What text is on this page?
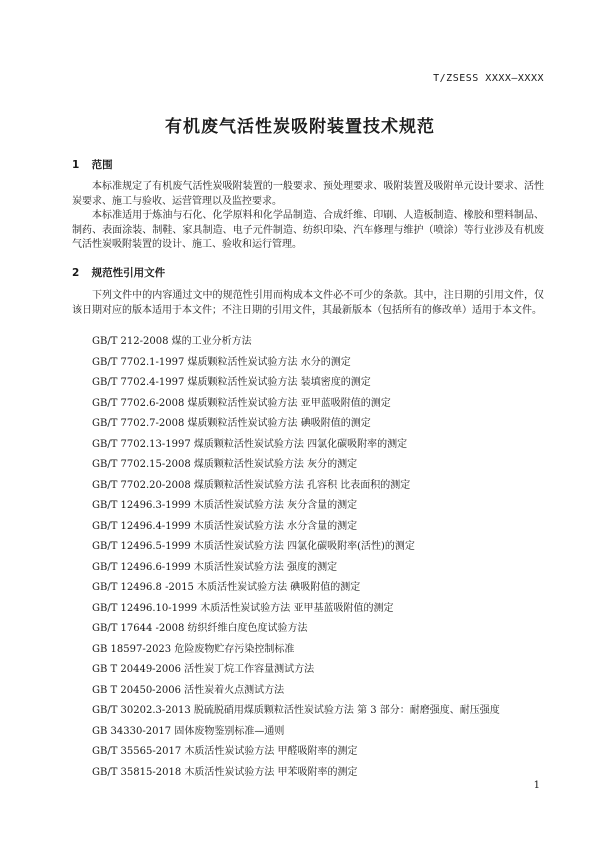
T/ZSESS XXXX—XXXX
有机废气活性炭吸附装置技术规范
1 范围
本标准规定了有机废气活性炭吸附装置的一般要求、预处理要求、吸附装置及吸附单元设计要求、活性炭要求、施工与验收、运营管理以及监控要求。
本标准适用于炼油与石化、化学原料和化学品制造、合成纤维、印刷、人造板制造、橡胶和塑料制品、制药、表面涂装、制鞋、家具制造、电子元件制造、纺织印染、汽车修理与维护（喷涂）等行业涉及有机废气活性炭吸附装置的设计、施工、验收和运行管理。
2 规范性引用文件
下列文件中的内容通过文中的规范性引用而构成本文件必不可少的条款。其中，注日期的引用文件，仅该日期对应的版本适用于本文件；不注日期的引用文件，其最新版本（包括所有的修改单）适用于本文件。
GB/T 212-2008 煤的工业分析方法
GB/T 7702.1-1997 煤质颗粒活性炭试验方法 水分的测定
GB/T 7702.4-1997 煤质颗粒活性炭试验方法 装填密度的测定
GB/T 7702.6-2008 煤质颗粒活性炭试验方法 亚甲蓝吸附值的测定
GB/T 7702.7-2008 煤质颗粒活性炭试验方法 碘吸附值的测定
GB/T 7702.13-1997 煤质颗粒活性炭试验方法 四氯化碳吸附率的测定
GB/T 7702.15-2008 煤质颗粒活性炭试验方法 灰分的测定
GB/T 7702.20-2008 煤质颗粒活性炭试验方法 孔容积 比表面积的测定
GB/T 12496.3-1999 木质活性炭试验方法 灰分含量的测定
GB/T 12496.4-1999 木质活性炭试验方法 水分含量的测定
GB/T 12496.5-1999 木质活性炭试验方法 四氯化碳吸附率(活性)的测定
GB/T 12496.6-1999 木质活性炭试验方法 强度的测定
GB/T 12496.8 -2015 木质活性炭试验方法 碘吸附值的测定
GB/T 12496.10-1999 木质活性炭试验方法 亚甲基蓝吸附值的测定
GB/T 17644 -2008 纺织纤维白度色度试验方法
GB 18597-2023 危险废物贮存污染控制标准
GB T 20449-2006 活性炭丁烷工作容量测试方法
GB T 20450-2006 活性炭着火点测试方法
GB/T 30202.3-2013 脱硫脱硝用煤质颗粒活性炭试验方法 第 3 部分：耐磨强度、耐压强度
GB 34330-2017 固体废物鉴别标准—通则
GB/T 35565-2017 木质活性炭试验方法 甲醛吸附率的测定
GB/T 35815-2018 木质活性炭试验方法 甲苯吸附率的测定
1
